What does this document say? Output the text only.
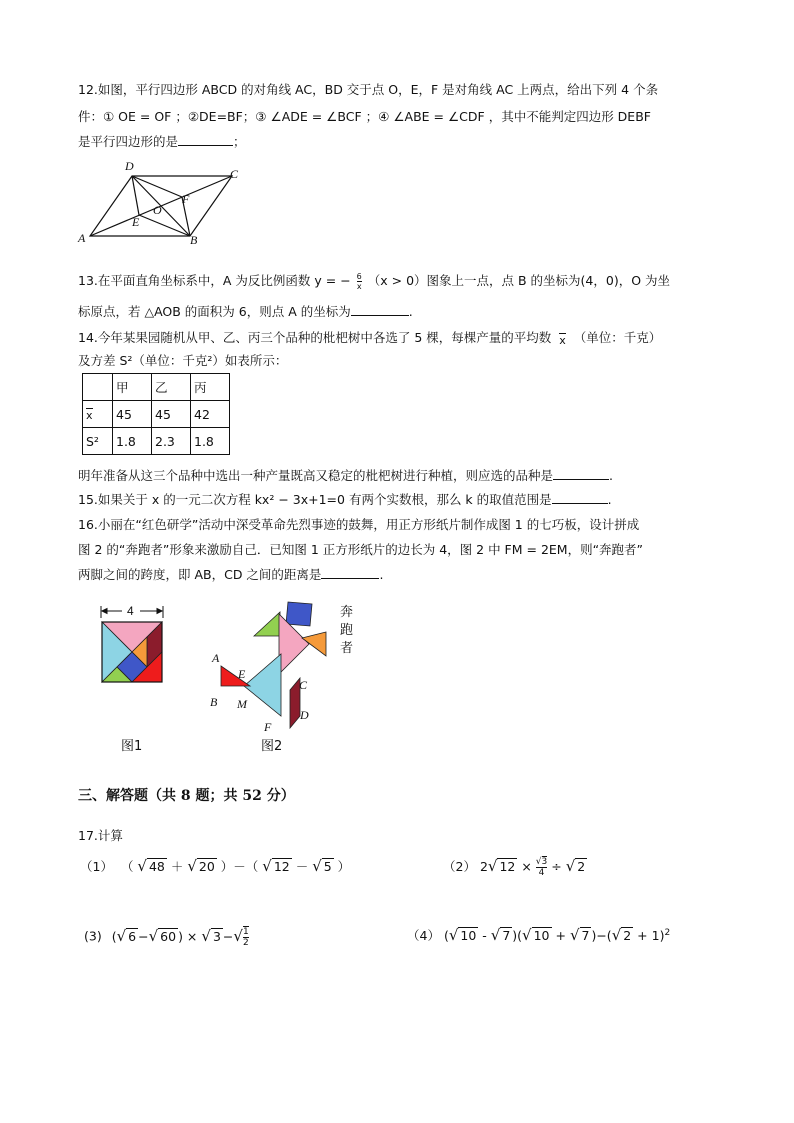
12.如图，平行四边形 ABCD 的对角线 AC，BD 交于点 O，E，F 是对角线 AC 上两点，给出下列 4 个条
件：① OE = OF ；②DE=BF；③ ∠ADE = ∠BCF ；④ ∠ABE = ∠CDF ，其中不能判定四边形 DEBF
是平行四边形的是	；
A	B
C
D
E
F
O
13.在平面直角坐标系中，A 为反比例函数 y = − $\frac{6}{x} (x > 0)$图象上一点，点 B 的坐标为(4，0)，O 为坐
标原点，若 △AOB 的面积为 6，则点 A 的坐标为	.
14.今年某果园随机从甲、乙、丙三个品种的枇杷树中各选了 5 棵，每棵产量的平均数 x （单位：千克）
及方差 S²（单位：千克²）如表所示：
	甲	乙	丙
x	45	45	42
S²	1.8	2.3	1.8
明年准备从这三个品种中选出一种产量既高又稳定的枇杷树进行种植，则应选的品种是	.
15.如果关于 x 的一元二次方程 kx² − 3x+1=0 有两个实数根，那么 k 的取值范围是	.
16.小丽在“红色研学”活动中深受革命先烈事迹的鼓舞，用正方形纸片制作成图 1 的七巧板，设计拼成
图 2 的“奔跑者”形象来激励自己．已知图 1 正方形纸片的边长为 4，图 2 中 FM = 2EM，则“奔跑者”
两脚之间的跨度，即 AB，CD 之间的距离是	.
4
图1
A
B
C
D
E
F
M
奔
跑
者
图2
三、解答题（共 8 题；共 52 分）
17.计算
（1） （ √ 48 ＋ √ 20 ）－（ √ 12 － √ 5 ）	（2） 2√ $12 \times \frac{√3}{4}$ ÷ √ 2
(3) (√ 6 −√ 60 ) × √ 3 −√ $\frac{1}{2}$	（4） (√ 10 - √ 7 )(√ 10 + √ 7 )−(√ 2 + 1)$^2$
